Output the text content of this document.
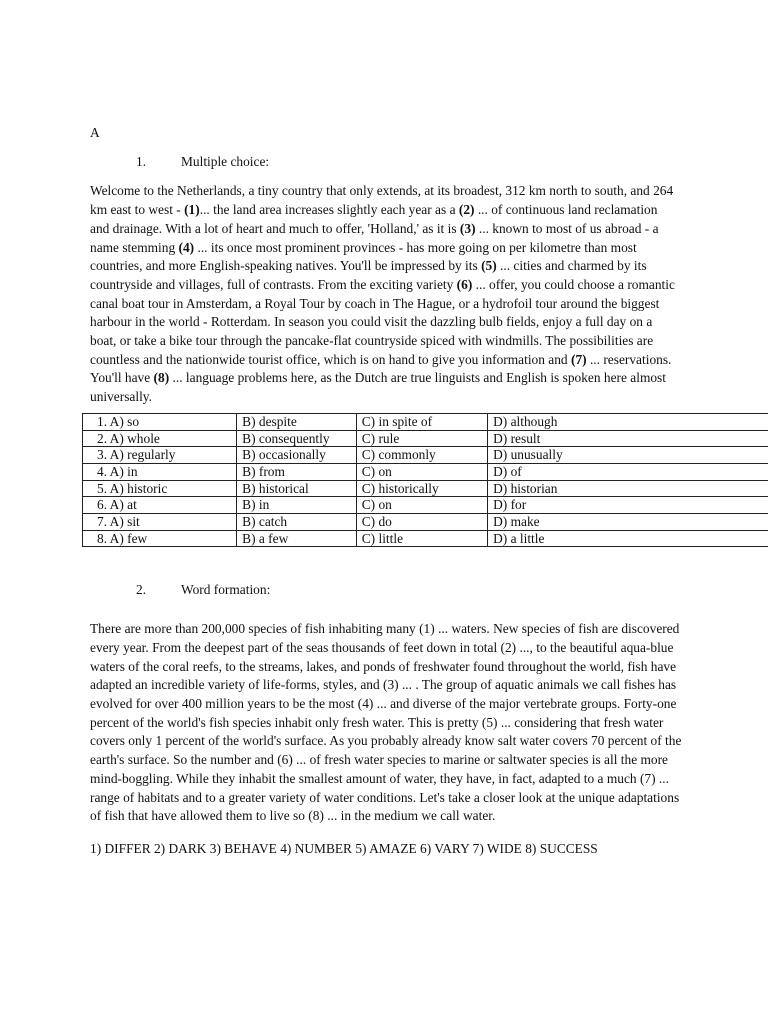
A
1.	Multiple choice:

Welcome to the Netherlands, a tiny country that only extends, at its broadest, 312 km north to south, and 264 km east to west - (1)... the land area increases slightly each year as a (2) ... of continuous land reclamation and drainage. With a lot of heart and much to offer, 'Holland,' as it is (3) ... known to most of us abroad - a name stemming (4) ... its once most prominent provinces - has more going on per kilometre than most countries, and more English-speaking natives. You'll be impressed by its (5) ... cities and charmed by its countryside and villages, full of contrasts. From the exciting variety (6) ... offer, you could choose a romantic canal boat tour in Amsterdam, a Royal Tour by coach in The Hague, or a hydrofoil tour around the biggest harbour in the world - Rotterdam. In season you could visit the dazzling bulb fields, enjoy a full day on a boat, or take a bike tour through the pancake-flat countryside spiced with windmills. The possibilities are countless and the nationwide tourist office, which is on hand to give you information and (7) ... reservations. You'll have (8) ... language problems here, as the Dutch are true linguists and English is spoken here almost universally.

1. A) so	B) despite	C) in spite of	D) although
2. A) whole	B) consequently	C) rule	D) result
3. A) regularly	B) occasionally	C) commonly	D) unusually
4. A) in	B) from	C) on	D) of
5. A) historic	B) historical	C) historically	D) historian
6. A) at	B) in	C) on	D) for
7. A) sit	B) catch	C) do	D) make
8. A) few	B) a few	C) little	D) a little
2.	Word formation:

There are more than 200,000 species of fish inhabiting many (1) ... waters. New species of fish are discovered every year. From the deepest part of the seas thousands of feet down in total (2) ..., to the beautiful aqua-blue waters of the coral reefs, to the streams, lakes, and ponds of freshwater found throughout the world, fish have adapted an incredible variety of life-forms, styles, and (3) ... . The group of aquatic animals we call fishes has evolved for over 400 million years to be the most (4) ... and diverse of the major vertebrate groups. Forty-one percent of the world's fish species inhabit only fresh water. This is pretty (5) ... considering that fresh water covers only 1 percent of the world's surface. As you probably already know salt water covers 70 percent of the earth's surface. So the number and (6) ... of fresh water species to marine or saltwater species is all the more mind-boggling. While they inhabit the smallest amount of water, they have, in fact, adapted to a much (7) ... range of habitats and to a greater variety of water conditions. Let's take a closer look at the unique adaptations of fish that have allowed them to live so (8) ... in the medium we call water.

1) DIFFER 2) DARK 3) BEHAVE 4) NUMBER 5) AMAZE 6) VARY 7) WIDE 8) SUCCESS
